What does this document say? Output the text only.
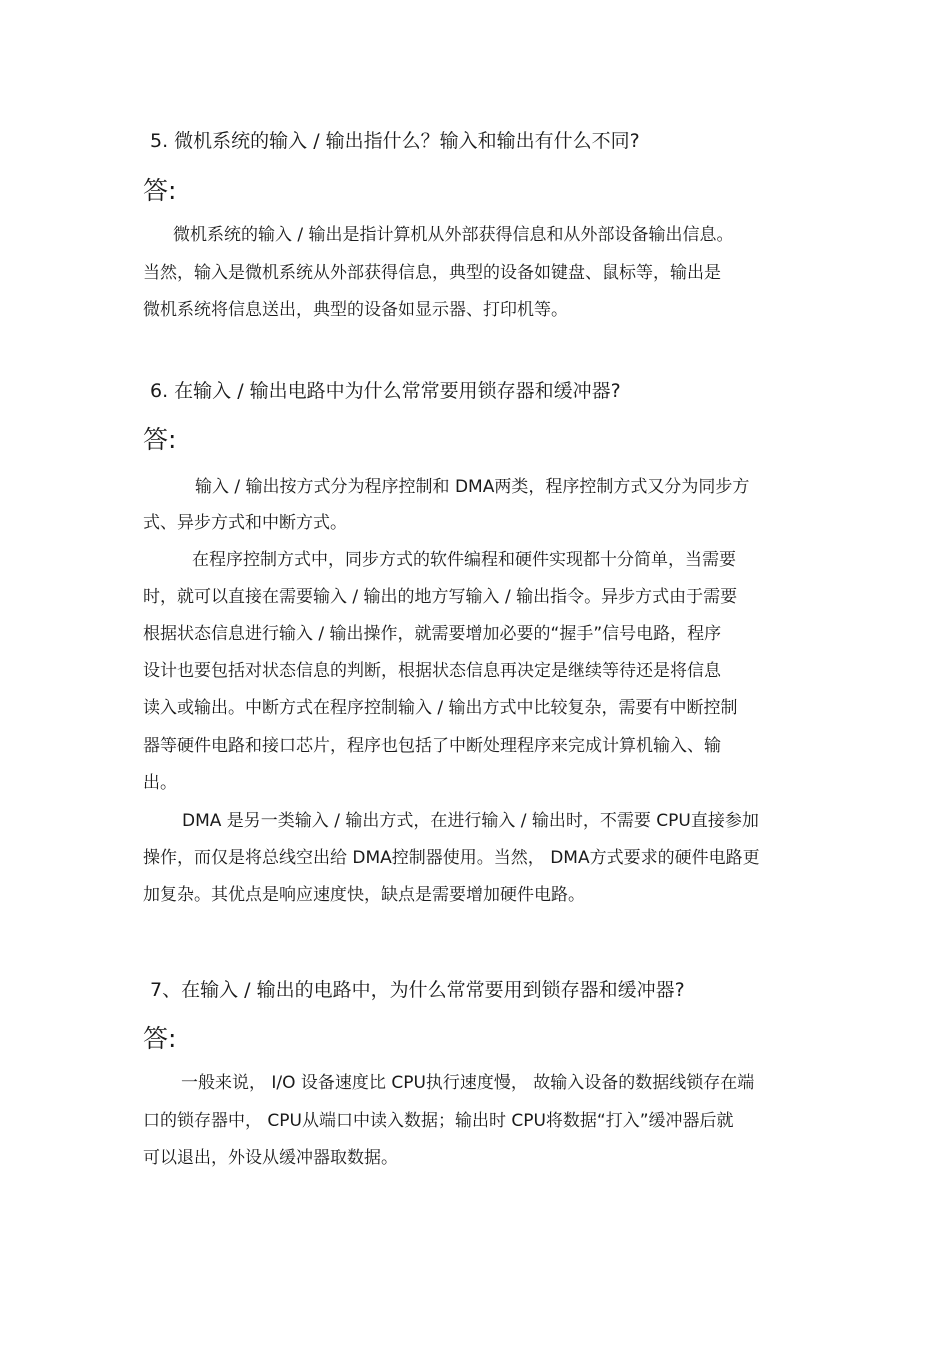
5. 微机系统的输入 / 输出指什么？输入和输出有什么不同?
答:
微机系统的输入 / 输出是指计算机从外部获得信息和从外部设备输出信息。
当然，输入是微机系统从外部获得信息，典型的设备如键盘、鼠标等，输出是
微机系统将信息送出，典型的设备如显示器、打印机等。
6. 在输入 / 输出电路中为什么常常要用锁存器和缓冲器?
答:
输入 / 输出按方式分为程序控制和 DMA两类，程序控制方式又分为同步方
式、异步方式和中断方式。
在程序控制方式中，同步方式的软件编程和硬件实现都十分简单，当需要
时，就可以直接在需要输入 / 输出的地方写输入 / 输出指令。异步方式由于需要
根据状态信息进行输入 / 输出操作，就需要增加必要的“握手”信号电路，程序
设计也要包括对状态信息的判断，根据状态信息再决定是继续等待还是将信息
读入或输出。中断方式在程序控制输入 / 输出方式中比较复杂，需要有中断控制
器等硬件电路和接口芯片，程序也包括了中断处理程序来完成计算机输入、输
出。
DMA 是另一类输入 / 输出方式，在进行输入 / 输出时，不需要 CPU直接参加
操作，而仅是将总线空出给 DMA控制器使用。当然， DMA方式要求的硬件电路更
加复杂。其优点是响应速度快，缺点是需要增加硬件电路。
7、在输入 / 输出的电路中，为什么常常要用到锁存器和缓冲器?
答:
一般来说， I/O 设备速度比 CPU执行速度慢， 故输入设备的数据线锁存在端
口的锁存器中， CPU从端口中读入数据；输出时 CPU将数据“打入”缓冲器后就
可以退出，外设从缓冲器取数据。
